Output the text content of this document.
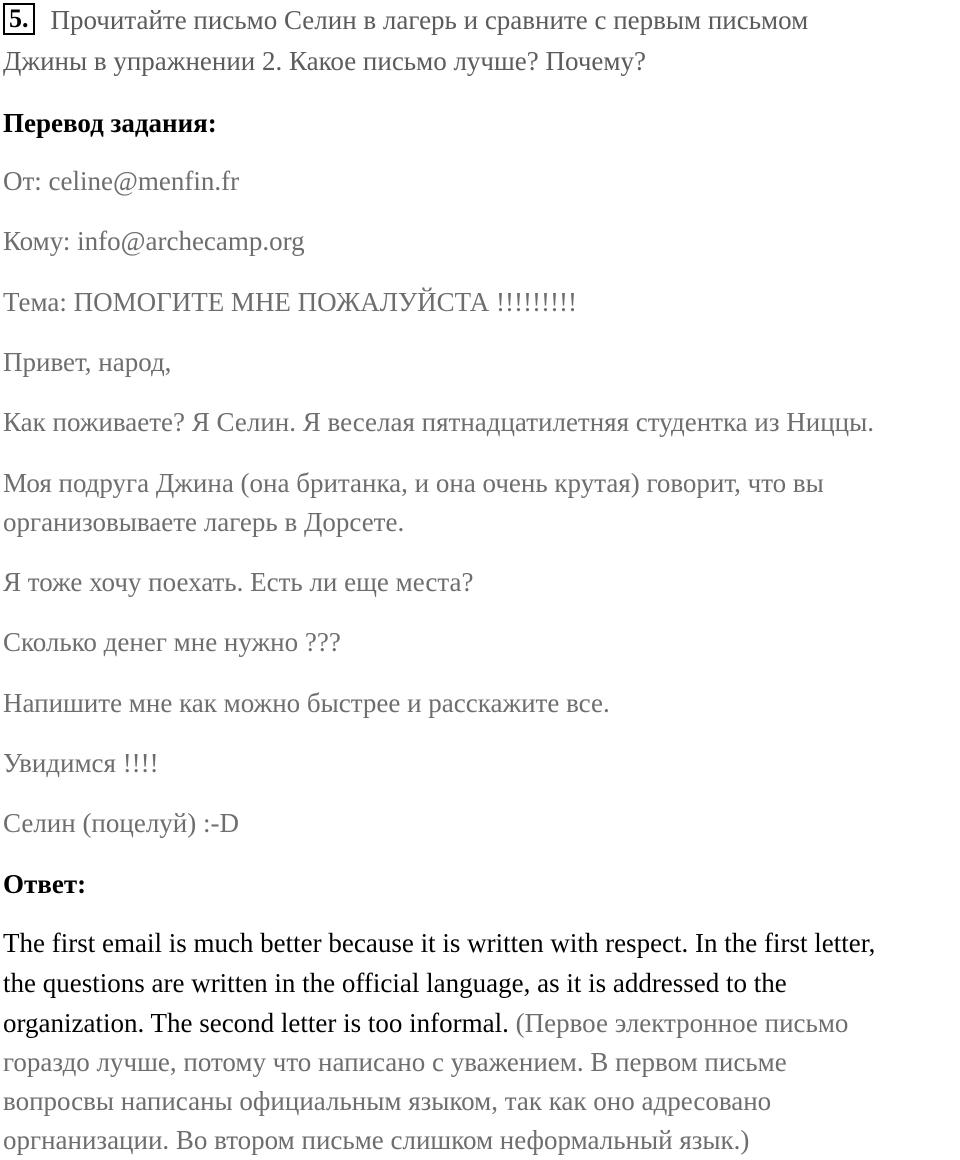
5. Прочитайте письмо Селин в лагерь и сравните с первым письмом

Джины в упражнении 2. Какое письмо лучше? Почему?

Перевод задания:

От: celine@menfin.fr

Кому: info@archecamp.org

Тема: ПОМОГИТЕ МНЕ ПОЖАЛУЙСТА !!!!!!!!!

Привет, народ,

Как поживаете? Я Селин. Я веселая пятнадцатилетняя студентка из Ниццы.

Моя подруга Джина (она британка, и она очень крутая) говорит, что вы

организовываете лагерь в Дорсете.

Я тоже хочу поехать. Есть ли еще места?

Сколько денег мне нужно ???

Напишите мне как можно быстрее и расскажите все.

Увидимся !!!!

Селин (поцелуй) :-D

Ответ:

The first email is much better because it is written with respect. In the first letter,

the questions are written in the official language, as it is addressed to the

organization. The second letter is too informal. (Первое электронное письмо

гораздо лучше, потому что написано с уважением. В первом письме

вопросвы написаны официальным языком, так как оно адресовано

оргнанизации. Во втором письме слишком неформальный язык.)
